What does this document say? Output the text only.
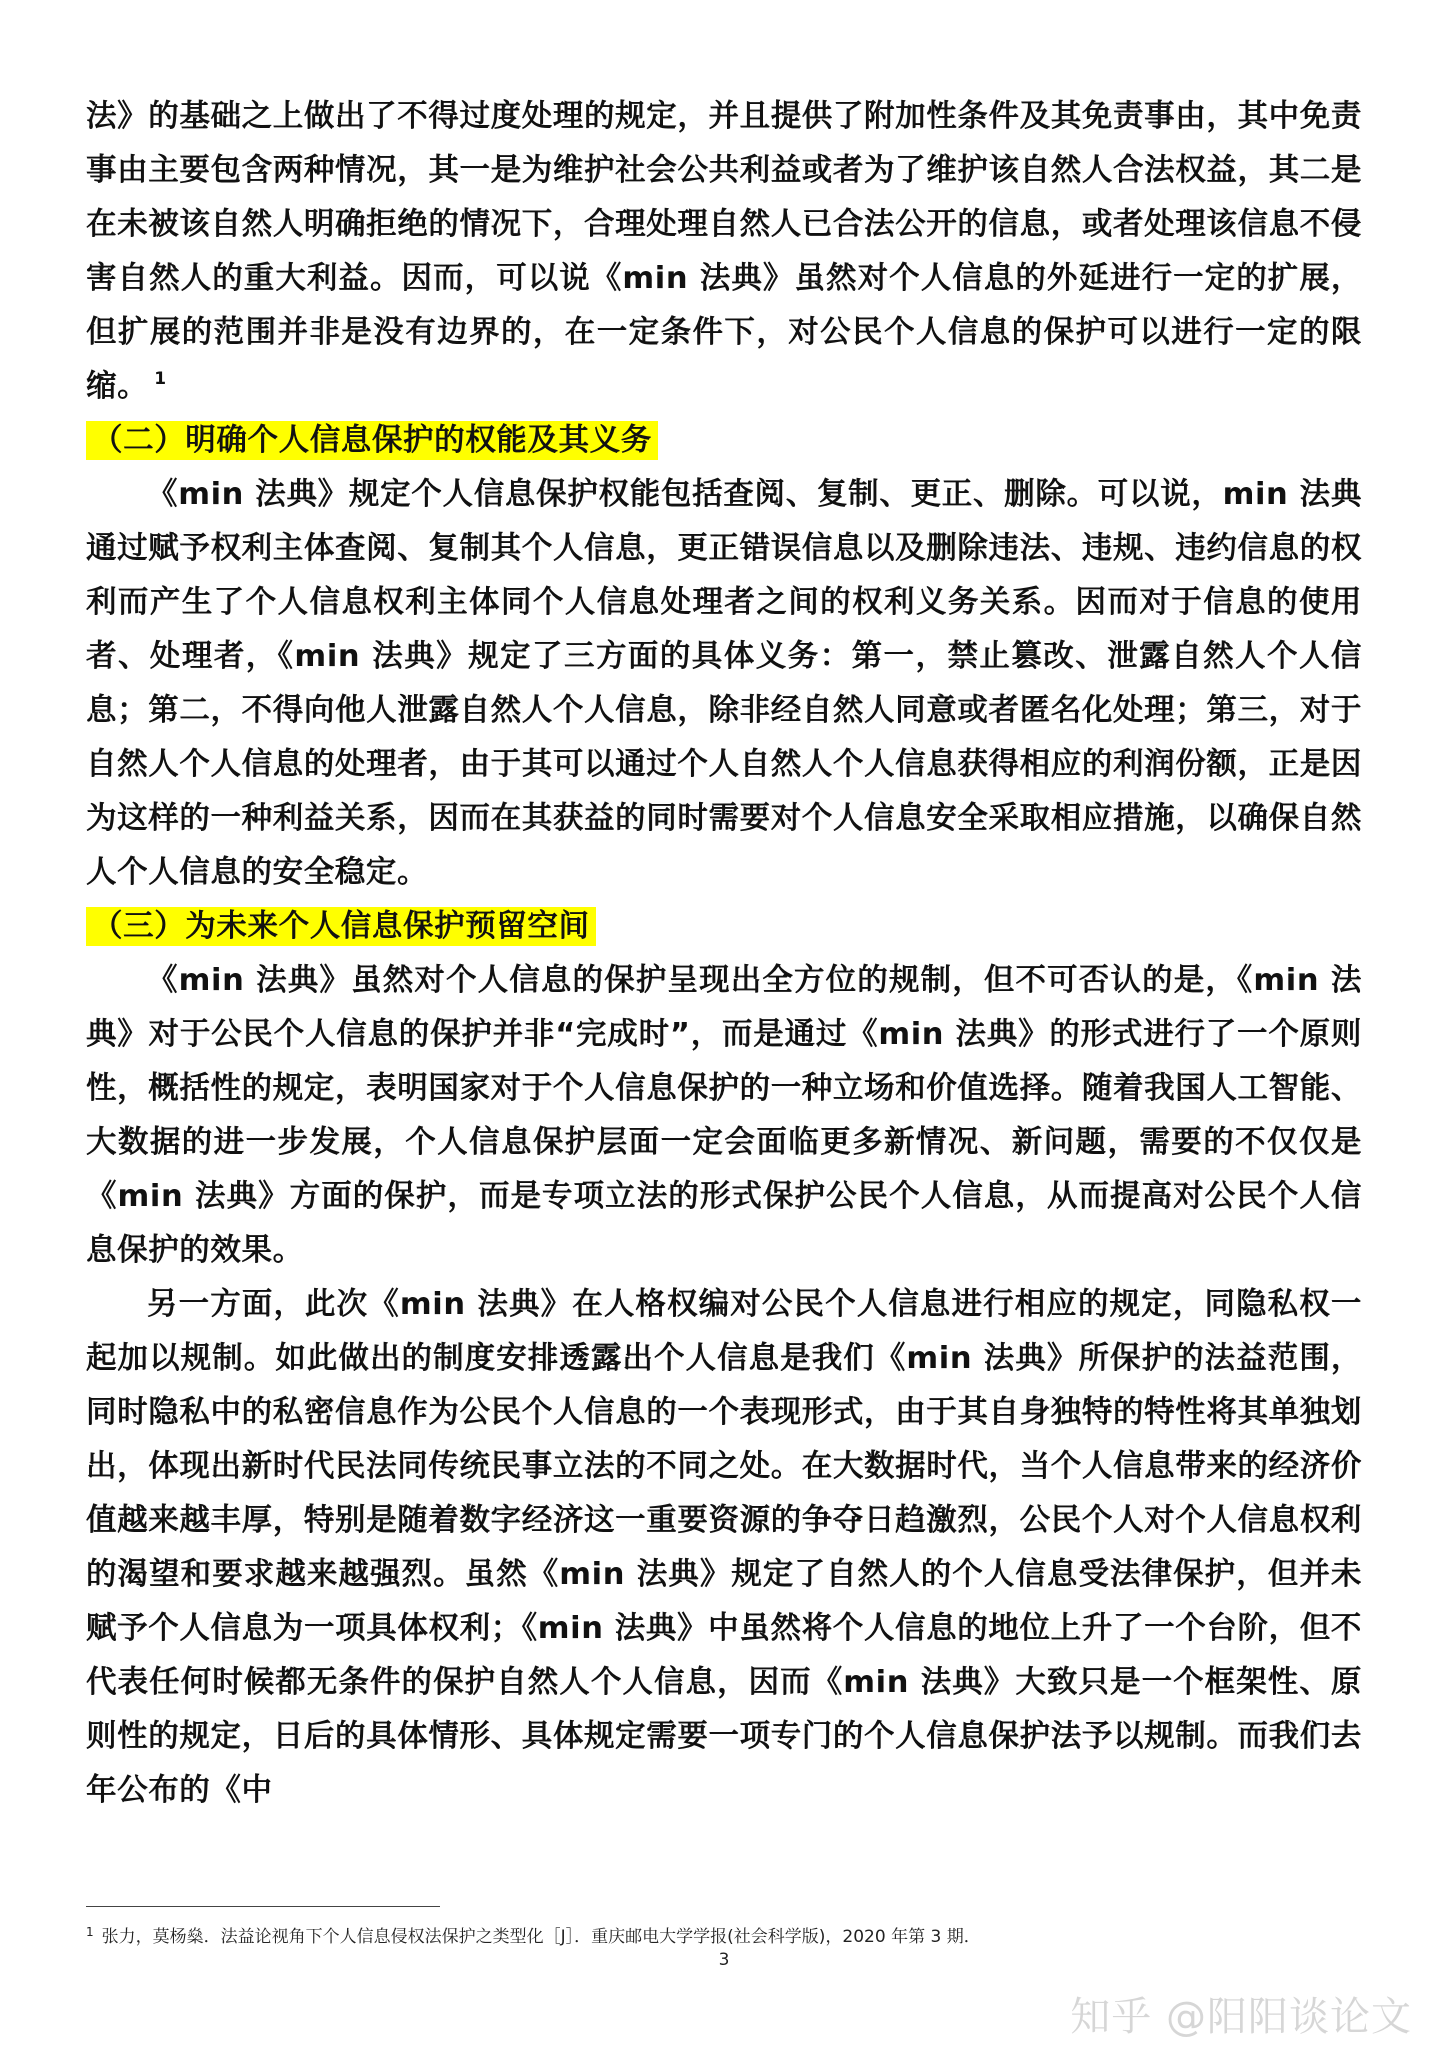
法》的基础之上做出了不得过度处理的规定，并且提供了附加性条件及其免责事由，其中免责事由主要包含两种情况，其一是为维护社会公共利益或者为了维护该自然人合法权益，其二是在未被该自然人明确拒绝的情况下，合理处理自然人已合法公开的信息，或者处理该信息不侵害自然人的重大利益。因而，可以说《min 法典》虽然对个人信息的外延进行一定的扩展，但扩展的范围并非是没有边界的，在一定条件下，对公民个人信息的保护可以进行一定的限缩。 $^1$

（二）明确个人信息保护的权能及其义务

《min 法典》规定个人信息保护权能包括查阅、复制、更正、删除。可以说，min 法典通过赋予权利主体查阅、复制其个人信息，更正错误信息以及删除违法、违规、违约信息的权利而产生了个人信息权利主体同个人信息处理者之间的权利义务关系。因而对于信息的使用者、处理者，《min 法典》规定了三方面的具体义务：第一，禁止篡改、泄露自然人个人信息；第二，不得向他人泄露自然人个人信息，除非经自然人同意或者匿名化处理；第三，对于自然人个人信息的处理者，由于其可以通过个人自然人个人信息获得相应的利润份额，正是因为这样的一种利益关系，因而在其获益的同时需要对个人信息安全采取相应措施，以确保自然人个人信息的安全稳定。

（三）为未来个人信息保护预留空间

《min 法典》虽然对个人信息的保护呈现出全方位的规制，但不可否认的是，《min 法典》对于公民个人信息的保护并非“完成时”，而是通过《min 法典》的形式进行了一个原则性，概括性的规定，表明国家对于个人信息保护的一种立场和价值选择。随着我国人工智能、大数据的进一步发展，个人信息保护层面一定会面临更多新情况、新问题，需要的不仅仅是《min 法典》方面的保护，而是专项立法的形式保护公民个人信息，从而提高对公民个人信息保护的效果。

另一方面，此次《min 法典》在人格权编对公民个人信息进行相应的规定，同隐私权一起加以规制。如此做出的制度安排透露出个人信息是我们《min 法典》所保护的法益范围，同时隐私中的私密信息作为公民个人信息的一个表现形式，由于其自身独特的特性将其单独划出，体现出新时代民法同传统民事立法的不同之处。在大数据时代，当个人信息带来的经济价值越来越丰厚，特别是随着数字经济这一重要资源的争夺日趋激烈，公民个人对个人信息权利的渴望和要求越来越强烈。虽然《min 法典》规定了自然人的个人信息受法律保护，但并未赋予个人信息为一项具体权利；《min 法典》中虽然将个人信息的地位上升了一个台阶，但不代表任何时候都无条件的保护自然人个人信息，因而《min 法典》大致只是一个框架性、原则性的规定，日后的具体情形、具体规定需要一项专门的个人信息保护法予以规制。而我们去年公布的《中

$^1$ 张力，莫杨燊．法益论视角下个人信息侵权法保护之类型化［J］．重庆邮电大学学报(社会科学版)，2020 年第 3 期．
3
知乎 @阳阳谈论文
